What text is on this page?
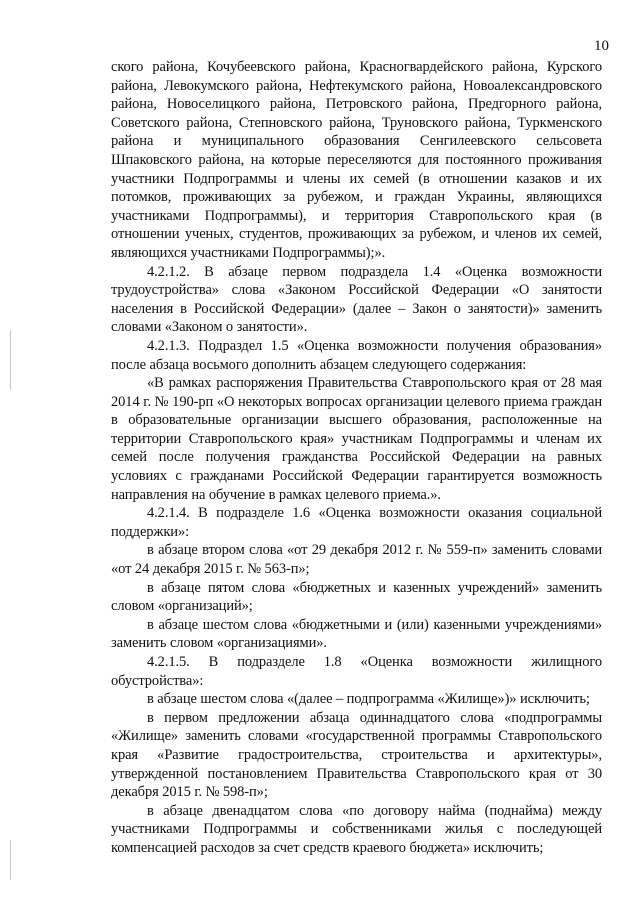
10

ского района, Кочубеевского района, Красногвардейского района, Курского района, Левокумского района, Нефтекумского района, Новоалександровского района, Новоселицкого района, Петровского района, Предгорного района, Советского района, Степновского района, Труновского района, Туркменского района и муниципального образования Сенгилеевского сельсовета Шпаковского района, на которые переселяются для постоянного проживания участники Подпрограммы и члены их семей (в отношении казаков и их потомков, проживающих за рубежом, и граждан Украины, являющихся участниками Подпрограммы), и территория Ставропольского края (в отношении ученых, студентов, проживающих за рубежом, и членов их семей, являющихся участниками Подпрограммы);».

4.2.1.2. В абзаце первом подраздела 1.4 «Оценка возможности трудоустройства» слова «Законом Российской Федерации «О занятости населения в Российской Федерации» (далее – Закон о занятости)» заменить словами «Законом о занятости».

4.2.1.3. Подраздел 1.5 «Оценка возможности получения образования» после абзаца восьмого дополнить абзацем следующего содержания:

«В рамках распоряжения Правительства Ставропольского края от 28 мая 2014 г. № 190-рп «О некоторых вопросах организации целевого приема граждан в образовательные организации высшего образования, расположенные на территории Ставропольского края» участникам Подпрограммы и членам их семей после получения гражданства Российской Федерации на равных условиях с гражданами Российской Федерации гарантируется возможность направления на обучение в рамках целевого приема.».

4.2.1.4. В подразделе 1.6 «Оценка возможности оказания социальной поддержки»:

в абзаце втором слова «от 29 декабря 2012 г. № 559-п» заменить словами «от 24 декабря 2015 г. № 563-п»;

в абзаце пятом слова «бюджетных и казенных учреждений» заменить словом «организаций»;

в абзаце шестом слова «бюджетными и (или) казенными учреждениями» заменить словом «организациями».

4.2.1.5. В подразделе 1.8 «Оценка возможности жилищного обустройства»:

в абзаце шестом слова «(далее – подпрограмма «Жилище»)» исключить;

в первом предложении абзаца одиннадцатого слова «подпрограммы «Жилище» заменить словами «государственной программы Ставропольского края «Развитие градостроительства, строительства и архитектуры», утвержденной постановлением Правительства Ставропольского края от 30 декабря 2015 г. № 598-п»;

в абзаце двенадцатом слова «по договору найма (поднайма) между участниками Подпрограммы и собственниками жилья с последующей компенсацией расходов за счет средств краевого бюджета» исключить;
